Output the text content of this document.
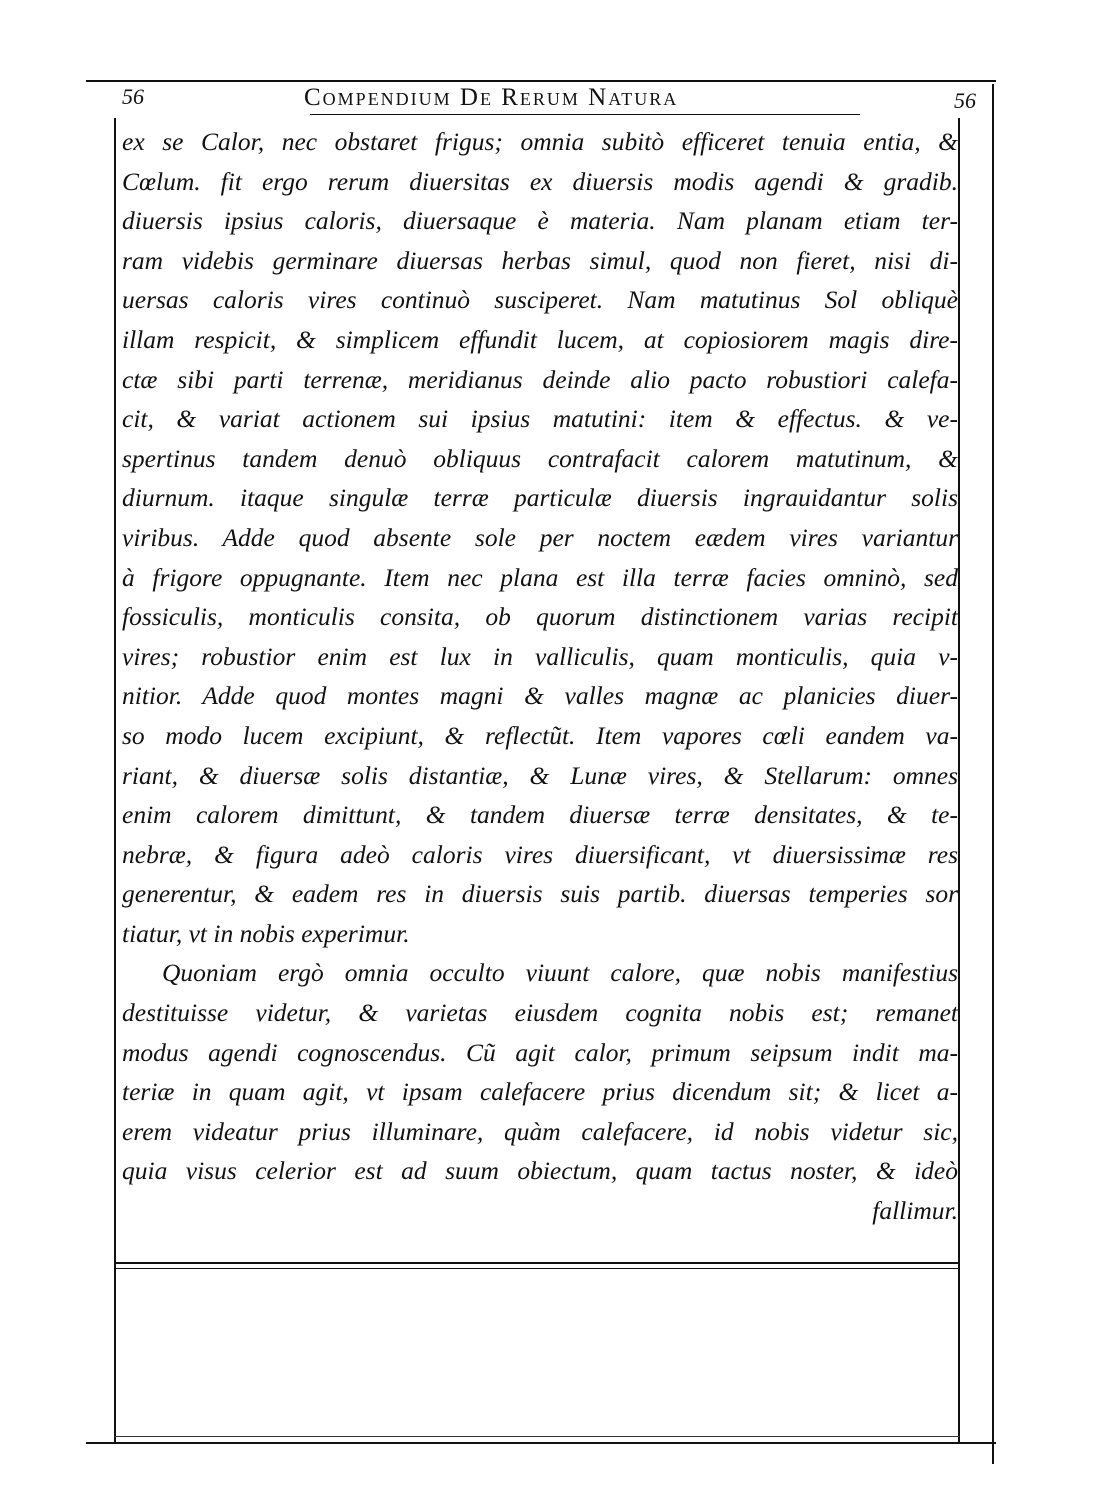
56	Compendium De Rerum Natura	56
ex se Calor, nec obstaret frigus; omnia subitò efficeret tenuia entia, &
Cœlum. fit ergo rerum diuersitas ex diuersis modis agendi & gradib.
diuersis ipsius caloris, diuersaque è materia. Nam planam etiam ter-
ram videbis germinare diuersas herbas simul, quod non fieret, nisi di-
uersas caloris vires continuò susciperet. Nam matutinus Sol obliquè
illam respicit, & simplicem effundit lucem, at copiosiorem magis dire-
ctæ sibi parti terrenæ, meridianus deinde alio pacto robustiori calefa-
cit, & variat actionem sui ipsius matutini: item & effectus. & ve-
spertinus tandem denuò obliquus contrafacit calorem matutinum, &
diurnum. itaque singulæ terræ particulæ diuersis ingrauidantur solis
viribus. Adde quod absente sole per noctem eædem vires variantur
à frigore oppugnante. Item nec plana est illa terræ facies omninò, sed
fossiculis, monticulis consita, ob quorum distinctionem varias recipit
vires; robustior enim est lux in valliculis, quam monticulis, quia v-
nitior. Adde quod montes magni & valles magnæ ac planicies diuer-
so modo lucem excipiunt, & reflectũt. Item vapores cœli eandem va-
riant, & diuersæ solis distantiæ, & Lunæ vires, & Stellarum: omnes
enim calorem dimittunt, & tandem diuersæ terræ densitates, & te-
nebræ, & figura adeò caloris vires diuersificant, vt diuersissimæ res
generentur, & eadem res in diuersis suis partib. diuersas temperies sor
tiatur, vt in nobis experimur.
Quoniam ergò omnia occulto viuunt calore, quæ nobis manifestius
destituisse videtur, & varietas eiusdem cognita nobis est; remanet
modus agendi cognoscendus. Cũ agit calor, primum seipsum indit ma-
teriæ in quam agit, vt ipsam calefacere prius dicendum sit; & licet a-
erem videatur prius illuminare, quàm calefacere, id nobis videtur sic,
quia visus celerior est ad suum obiectum, quam tactus noster, & ideò
fallimur.
